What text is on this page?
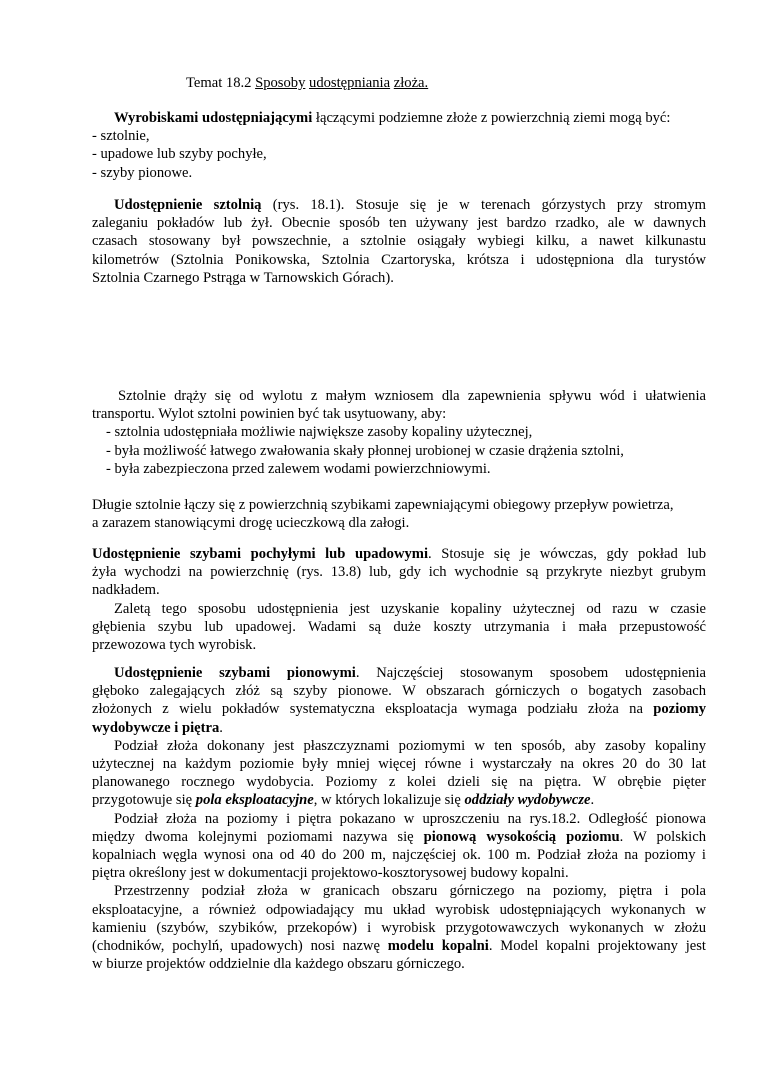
Temat 18.2 Sposoby udostępniania złoża.
Wyrobiskami udostępniającymi łączącymi podziemne złoże z powierzchnią ziemi mogą być:
- sztolnie,
- upadowe lub szyby pochyłe,
- szyby pionowe.
Udostępnienie sztolnią (rys. 18.1). Stosuje się je w terenach górzystych przy stromym
zaleganiu pokładów lub żył. Obecnie sposób ten używany jest bardzo rzadko, ale w dawnych
czasach stosowany był powszechnie, a sztolnie osiągały wybiegi kilku, a nawet kilkunastu
kilometrów (Sztolnia Ponikowska, Sztolnia Czartoryska, krótsza i udostępniona dla turystów
Sztolnia Czarnego Pstrąga w Tarnowskich Górach).
Sztolnie drąży się od wylotu z małym wzniosem dla zapewnienia spływu wód i ułatwienia
transportu. Wylot sztolni powinien być tak usytuowany, aby:
- sztolnia udostępniała możliwie największe zasoby kopaliny użytecznej,
- była możliwość łatwego zwałowania skały płonnej urobionej w czasie drążenia sztolni,
- była zabezpieczona przed zalewem wodami powierzchniowymi.
Długie sztolnie łączy się z powierzchnią szybikami zapewniającymi obiegowy przepływ powietrza,
a zarazem stanowiącymi drogę ucieczkową dla załogi.
Udostępnienie szybami pochyłymi lub upadowymi. Stosuje się je wówczas, gdy pokład lub
żyła wychodzi na powierzchnię (rys. 13.8) lub, gdy ich wychodnie są przykryte niezbyt grubym
nadkładem.
Zaletą tego sposobu udostępnienia jest uzyskanie kopaliny użytecznej od razu w czasie
głębienia szybu lub upadowej. Wadami są duże koszty utrzymania i mała przepustowość
przewozowa tych wyrobisk.
Udostępnienie szybami pionowymi. Najczęściej stosowanym sposobem udostępnienia
głęboko zalegających złóż są szyby pionowe. W obszarach górniczych o bogatych zasobach
złożonych z wielu pokładów systematyczna eksploatacja wymaga podziału złoża na poziomy
wydobywcze i piętra.
Podział złoża dokonany jest płaszczyznami poziomymi w ten sposób, aby zasoby kopaliny
użytecznej na każdym poziomie były mniej więcej równe i wystarczały na okres 20 do 30 lat
planowanego rocznego wydobycia. Poziomy z kolei dzieli się na piętra. W obrębie pięter
przygotowuje się pola eksploatacyjne, w których lokalizuje się oddziały wydobywcze.
Podział złoża na poziomy i piętra pokazano w uproszczeniu na rys.18.2. Odległość pionowa
między dwoma kolejnymi poziomami nazywa się pionową wysokością poziomu. W polskich
kopalniach węgla wynosi ona od 40 do 200 m, najczęściej ok. 100 m. Podział złoża na poziomy i
piętra określony jest w dokumentacji projektowo-kosztorysowej budowy kopalni.
Przestrzenny podział złoża w granicach obszaru górniczego na poziomy, piętra i pola
eksploatacyjne, a również odpowiadający mu układ wyrobisk udostępniających wykonanych w
kamieniu (szybów, szybików, przekopów) i wyrobisk przygotowawczych wykonanych w złożu
(chodników, pochylń, upadowych) nosi nazwę modelu kopalni. Model kopalni projektowany jest
w biurze projektów oddzielnie dla każdego obszaru górniczego.
